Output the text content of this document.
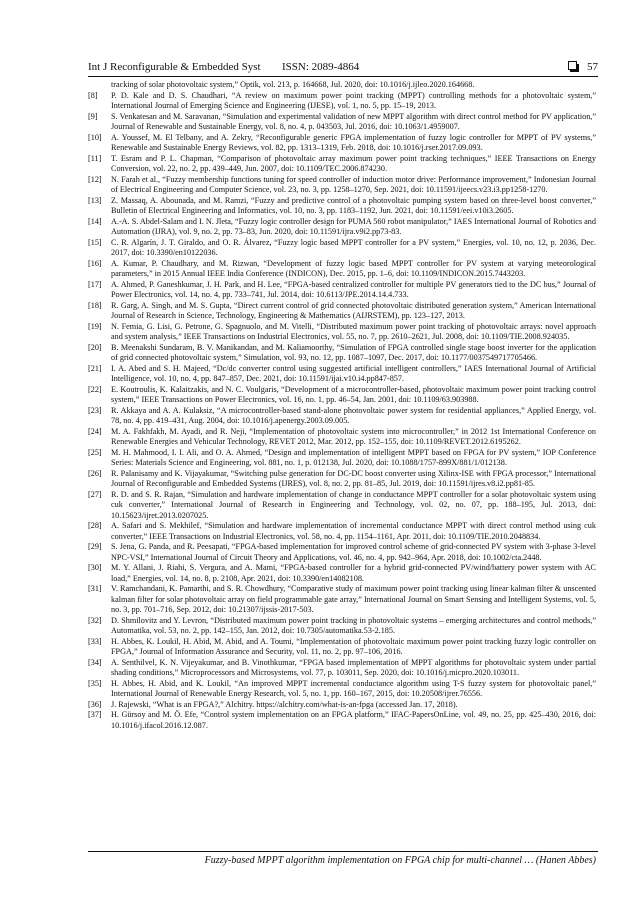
Int J Reconfigurable & Embedded Syst ISSN: 2089-4864	57

tracking of solar photovoltaic system,” Optik, vol. 213, p. 164668, Jul. 2020, doi: 10.1016/j.ijleo.2020.164668.

[8] P. D. Kale and D. S. Chaudhari, “A review on maximum power point tracking (MPPT) controlling methods for a photovoltaic system,” International Journal of Emerging Science and Engineering (IJESE), vol. 1, no. 5, pp. 15–19, 2013.

[9] S. Venkatesan and M. Saravanan, “Simulation and experimental validation of new MPPT algorithm with direct control method for PV application,” Journal of Renewable and Sustainable Energy, vol. 8, no. 4, p. 043503, Jul. 2016, doi: 10.1063/1.4959007.

[10] A. Youssef, M. El Telbany, and A. Zekry, “Reconfigurable generic FPGA implementation of fuzzy logic controller for MPPT of PV systems,” Renewable and Sustainable Energy Reviews, vol. 82, pp. 1313–1319, Feb. 2018, doi: 10.1016/j.rser.2017.09.093.

[11] T. Esram and P. L. Chapman, “Comparison of photovoltaic array maximum power point tracking techniques,” IEEE Transactions on Energy Conversion, vol. 22, no. 2, pp. 439–449, Jun. 2007, doi: 10.1109/TEC.2006.874230.

[12] N. Farah et al., “Fuzzy membership functions tuning for speed controller of induction motor drive: Performance improvement,” Indonesian Journal of Electrical Engineering and Computer Science, vol. 23, no. 3, pp. 1258–1270, Sep. 2021, doi: 10.11591/ijeecs.v23.i3.pp1258-1270.

[13] Z. Massaq, A. Abounada, and M. Ramzi, “Fuzzy and predictive control of a photovoltaic pumping system based on three-level boost converter,” Bulletin of Electrical Engineering and Informatics, vol. 10, no. 3, pp. 1183–1192, Jun. 2021, doi: 10.11591/eei.v10i3.2605.

[14] A.-A. S. Abdel-Salam and I. N. Jleta, “Fuzzy logic controller design for PUMA 560 robot manipulator,” IAES International Journal of Robotics and Automation (IJRA), vol. 9, no. 2, pp. 73–83, Jun. 2020, doi: 10.11591/ijra.v9i2.pp73-83.

[15] C. R. Algarín, J. T. Giraldo, and O. R. Álvarez, “Fuzzy logic based MPPT controller for a PV system,” Energies, vol. 10, no. 12, p. 2036, Dec. 2017, doi: 10.3390/en10122036.

[16] A. Kumar, P. Chaudhary, and M. Rizwan, “Development of fuzzy logic based MPPT controller for PV system at varying meteorological parameters,” in 2015 Annual IEEE India Conference (INDICON), Dec. 2015, pp. 1–6, doi: 10.1109/INDICON.2015.7443203.

[17] A. Ahmed, P. Ganeshkumar, J. H. Park, and H. Lee, “FPGA-based centralized controller for multiple PV generators tied to the DC bus,” Journal of Power Electronics, vol. 14, no. 4, pp. 733–741, Jul. 2014, doi: 10.6113/JPE.2014.14.4.733.

[18] R. Garg, A. Singh, and M. S. Gupta, “Direct current control of grid connected photovoltaic distributed generation system,” American International Journal of Research in Science, Technology, Engineering & Mathematics (AIJRSTEM), pp. 123–127, 2013.

[19] N. Femia, G. Lisi, G. Petrone, G. Spagnuolo, and M. Vitelli, “Distributed maximum power point tracking of photovoltaic arrays: novel approach and system analysis,” IEEE Transactions on Industrial Electronics, vol. 55, no. 7, pp. 2610–2621, Jul. 2008, doi: 10.1109/TIE.2008.924035.

[20] B. Meenakshi Sundaram, B. V. Manikandan, and M. Kaliamoorthy, “Simulation of FPGA controlled single stage boost inverter for the application of grid connected photovoltaic system,” Simulation, vol. 93, no. 12, pp. 1087–1097, Dec. 2017, doi: 10.1177/0037549717705466.

[21] I. A. Abed and S. H. Majeed, “Dc/dc converter control using suggested artificial intelligent controllers,” IAES International Journal of Artificial Intelligence, vol. 10, no. 4, pp. 847–857, Dec. 2021, doi: 10.11591/ijai.v10.i4.pp847-857.

[22] E. Koutroulis, K. Kalaitzakis, and N. C. Voulgaris, “Development of a microcontroller-based, photovoltaic maximum power point tracking control system,” IEEE Transactions on Power Electronics, vol. 16, no. 1, pp. 46–54, Jan. 2001, doi: 10.1109/63.903988.

[23] R. Akkaya and A. A. Kulaksiz, “A microcontroller-based stand-alone photovoltaic power system for residential appliances,” Applied Energy, vol. 78, no. 4, pp. 419–431, Aug. 2004, doi: 10.1016/j.apenergy.2003.09.005.

[24] M. A. Fakhfakh, M. Ayadi, and R. Neji, “Implementation of photovoltaic system into microcontroller,” in 2012 1st International Conference on Renewable Energies and Vehicular Technology, REVET 2012, Mar. 2012, pp. 152–155, doi: 10.1109/REVET.2012.6195262.

[25] M. H. Mahmood, I. I. Ali, and O. A. Ahmed, “Design and implementation of intelligent MPPT based on FPGA for PV system,” IOP Conference Series: Materials Science and Engineering, vol. 881, no. 1, p. 012138, Jul. 2020, doi: 10.1088/1757-899X/881/1/012138.

[26] R. Palanisamy and K. Vijayakumar, “Switching pulse generation for DC-DC boost converter using Xilinx-ISE with FPGA processor,” International Journal of Reconfigurable and Embedded Systems (IJRES), vol. 8, no. 2, pp. 81–85, Jul. 2019, doi: 10.11591/ijres.v8.i2.pp81-85.

[27] R. D. and S. R. Rajan, “Simulation and hardware implementation of change in conductance MPPT controller for a solar photovoltaic system using cuk converter,” International Journal of Research in Engineering and Technology, vol. 02, no. 07, pp. 188–195, Jul. 2013, doi: 10.15623/ijret.2013.0207025.

[28] A. Safari and S. Mekhilef, “Simulation and hardware implementation of incremental conductance MPPT with direct control method using cuk converter,” IEEE Transactions on Industrial Electronics, vol. 58, no. 4, pp. 1154–1161, Apr. 2011, doi: 10.1109/TIE.2010.2048834.

[29] S. Jena, G. Panda, and R. Peesapati, “FPGA-based implementation for improved control scheme of grid-connected PV system with 3-phase 3-level NPC-VSI,” International Journal of Circuit Theory and Applications, vol. 46, no. 4, pp. 942–964, Apr. 2018, doi: 10.1002/cta.2448.

[30] M. Y. Allani, J. Riahi, S. Vergura, and A. Mami, “FPGA-based controller for a hybrid grid-connected PV/wind/battery power system with AC load,” Energies, vol. 14, no. 8, p. 2108, Apr. 2021, doi: 10.3390/en14082108.

[31] V. Ramchandani, K. Pamarthi, and S. R. Chowdhury, “Comparative study of maximum power point tracking using linear kalman filter & unscented kalman filter for solar photovoltaic array on field programmable gate array,” International Journal on Smart Sensing and Intelligent Systems, vol. 5, no. 3, pp. 701–716, Sep. 2012, doi: 10.21307/ijssis-2017-503.

[32] D. Shmilovitz and Y. Levron, “Distributed maximum power point tracking in photovoltaic systems – emerging architectures and control methods,” Automatika, vol. 53, no. 2, pp. 142–155, Jan. 2012, doi: 10.7305/automatika.53-2.185.

[33] H. Abbes, K. Loukil, H. Abid, M. Abid, and A. Toumi, “Implementation of photovoltaic maximum power point tracking fuzzy logic controller on FPGA,” Journal of Information Assurance and Security, vol. 11, no. 2, pp. 97–106, 2016.

[34] A. Senthilvel, K. N. Vijeyakumar, and B. Vinothkumar, “FPGA based implementation of MPPT algorithms for photovoltaic system under partial shading conditions,” Microprocessors and Microsystems, vol. 77, p. 103011, Sep. 2020, doi: 10.1016/j.micpro.2020.103011.

[35] H. Abbes, H. Abid, and K. Loukil, “An improved MPPT incremental conductance algorithm using T-S fuzzy system for photovoltaic panel,” International Journal of Renewable Energy Research, vol. 5, no. 1, pp. 160–167, 2015, doi: 10.20508/ijrer.76556.

[36] J. Rajewski, “What is an FPGA?,” Alchitry. https://alchitry.com/what-is-an-fpga (accessed Jan. 17, 2018).

[37] H. Gürsoy and M. Ö. Efe, “Control system implementation on an FPGA platform,” IFAC-PapersOnLine, vol. 49, no. 25, pp. 425–430, 2016, doi: 10.1016/j.ifacol.2016.12.087.

Fuzzy-based MPPT algorithm implementation on FPGA chip for multi-channel … (Hanen Abbes)
